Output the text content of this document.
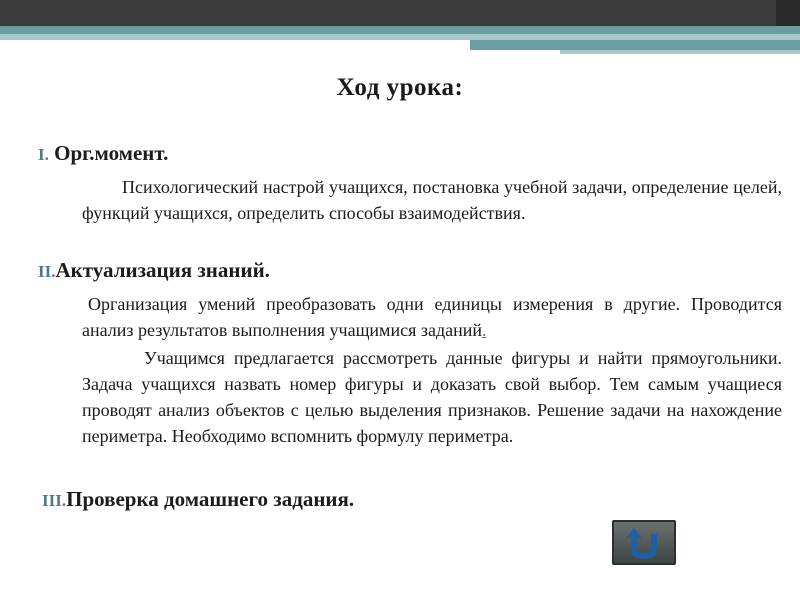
Ход урока:
I. Орг.момент.
Психологический настрой учащихся, постановка учебной задачи, определение целей, функций учащихся, определить способы взаимодействия.
II.Актуализация знаний.
Организация умений преобразовать одни единицы измерения в другие. Проводится анализ результатов выполнения учащимися заданий.
Учащимся предлагается рассмотреть данные фигуры и найти прямоугольники. Задача учащихся назвать номер фигуры и доказать свой выбор. Тем самым учащиеся проводят анализ объектов с целью выделения признаков. Решение задачи на нахождение периметра. Необходимо вспомнить формулу периметра.
III.Проверка домашнего задания.
